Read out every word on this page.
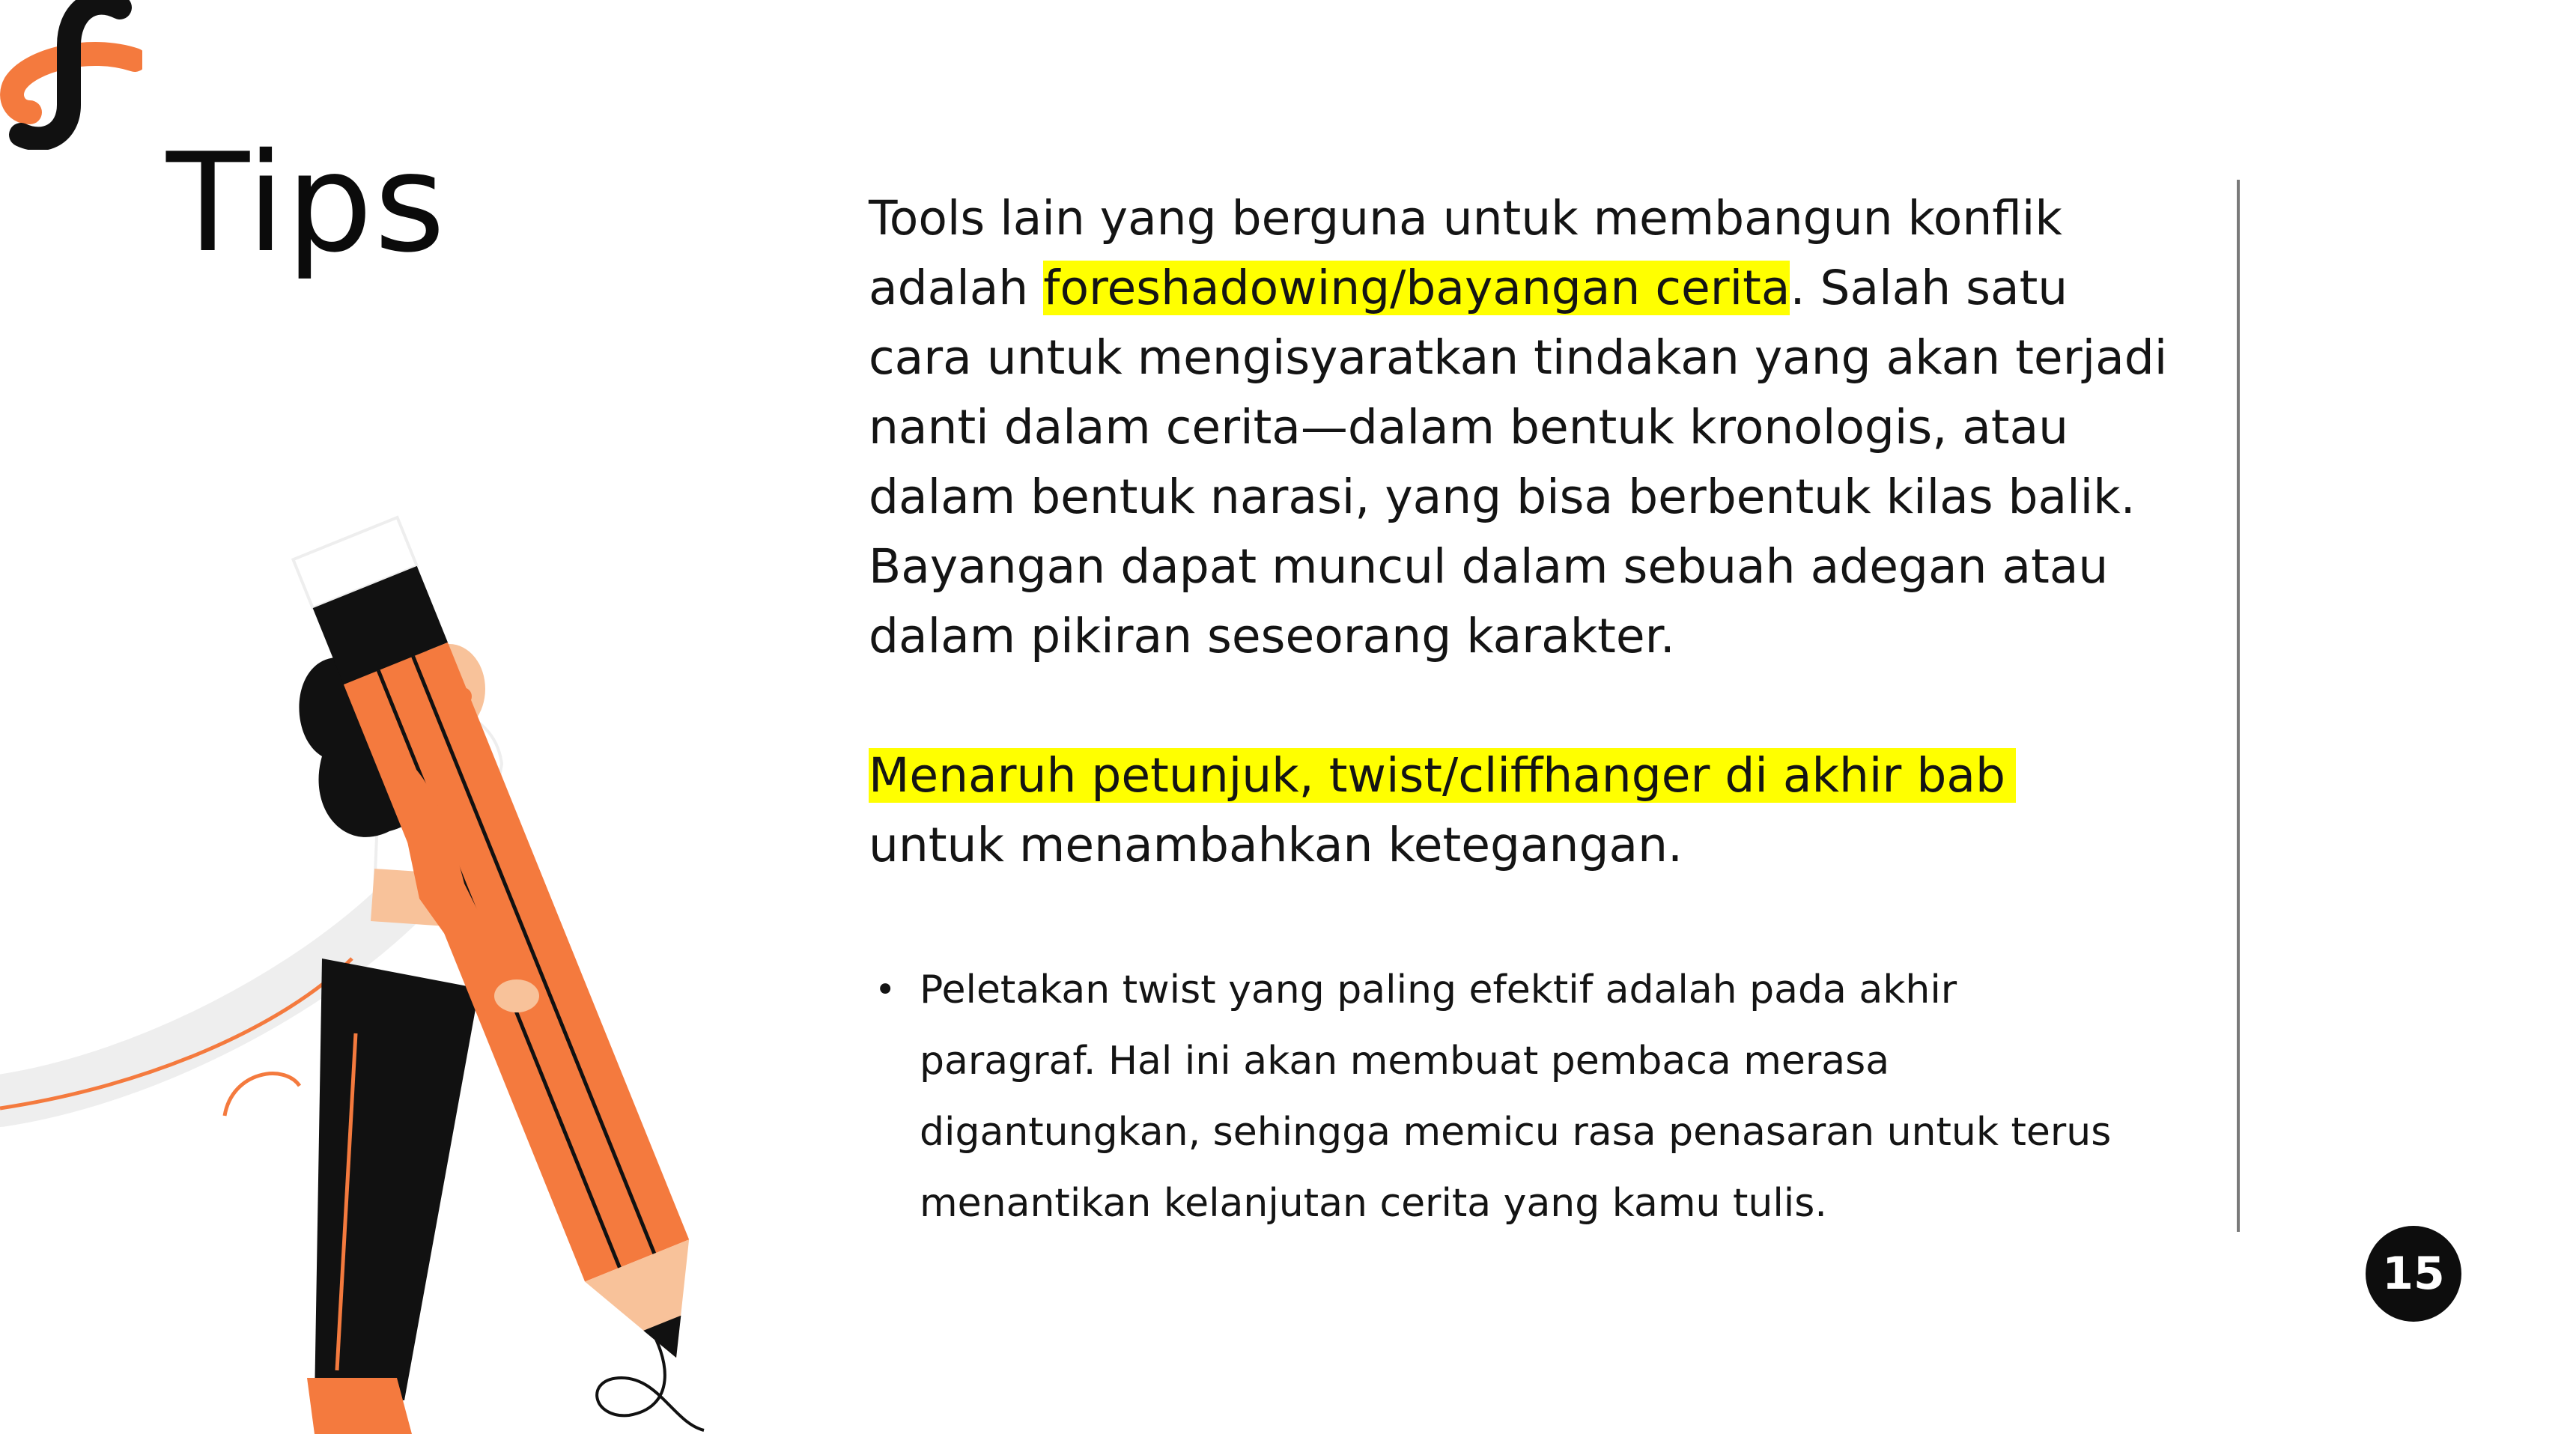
Tips	Tools lain yang berguna untuk membangun konflik adalah foreshadowing/bayangan cerita. Salah satu cara untuk mengisyaratkan tindakan yang akan terjadi nanti dalam cerita—dalam bentuk kronologis, atau dalam bentuk narasi, yang bisa berbentuk kilas balik. Bayangan dapat muncul dalam sebuah adegan atau dalam pikiran seseorang karakter.

Menaruh petunjuk, twist/cliffhanger di akhir bab
untuk menambahkan ketegangan.

• Peletakan twist yang paling efektif adalah pada akhir paragraf. Hal ini akan membuat pembaca merasa digantungkan, sehingga memicu rasa penasaran untuk terus menantikan kelanjutan cerita yang kamu tulis.
15
